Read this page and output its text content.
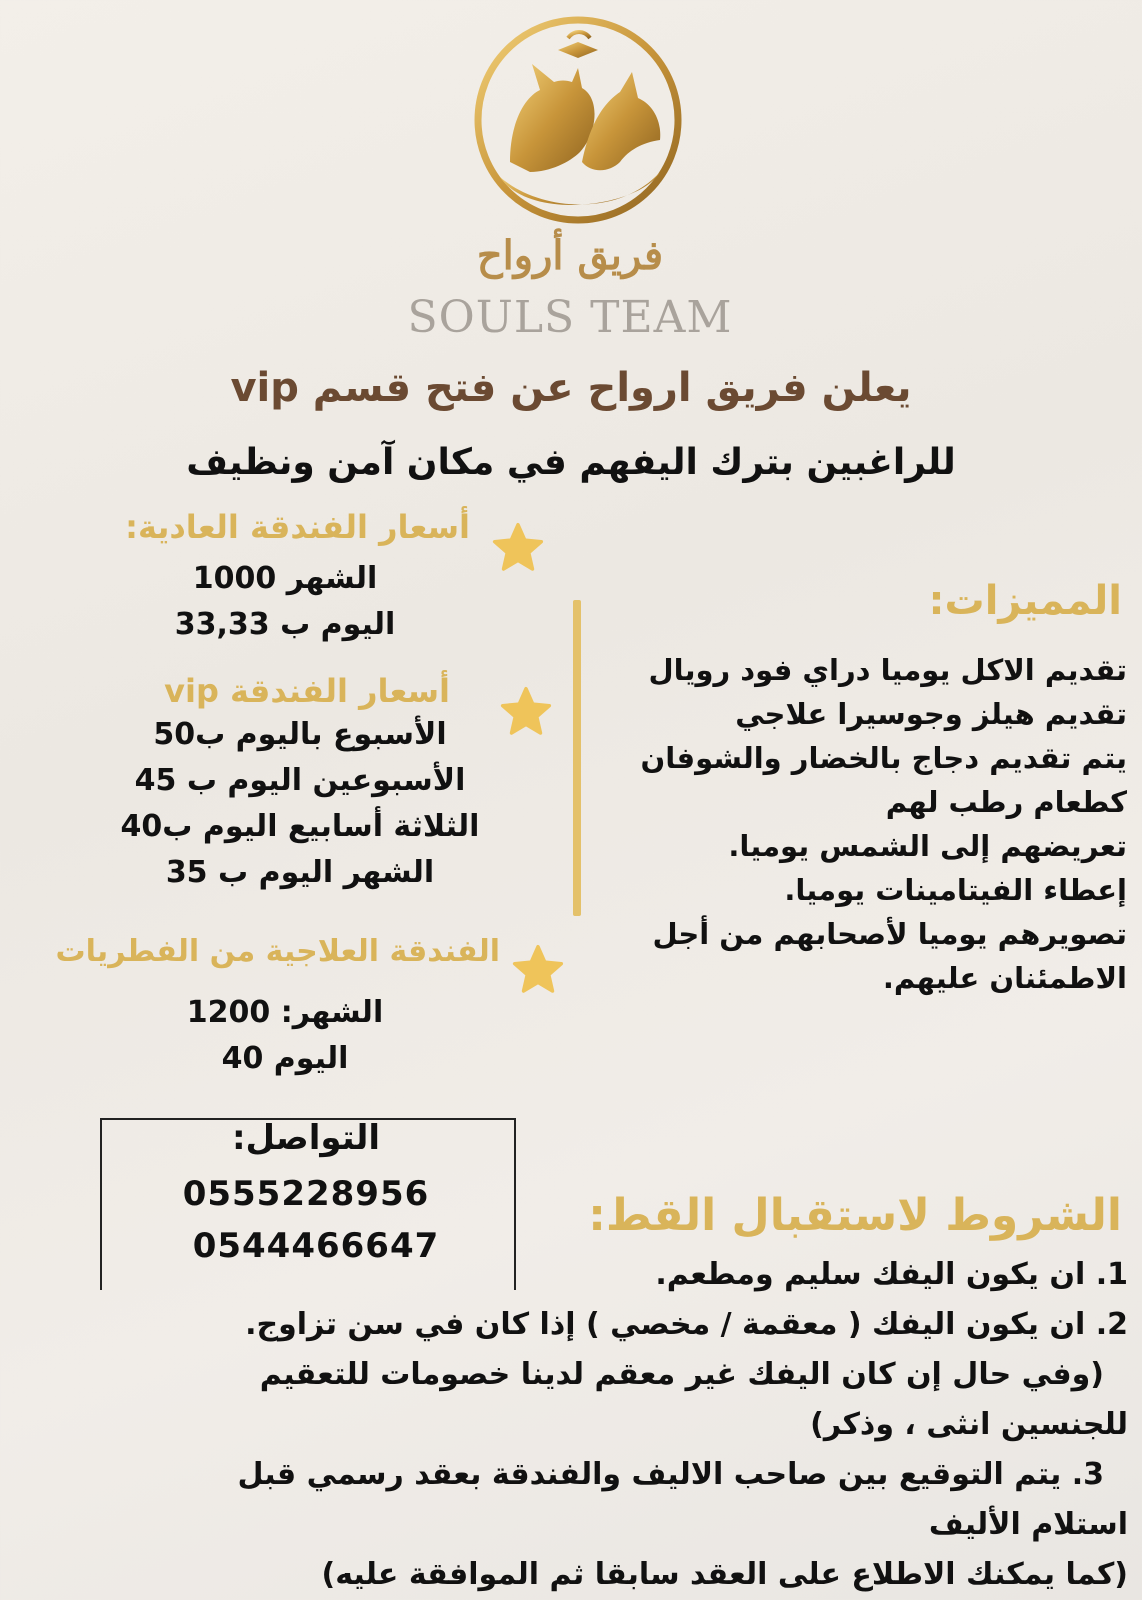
فريق أرواح
SOULS TEAM
يعلن فريق ارواح عن فتح قسم vip
للراغبين بترك اليفهم في مكان آمن ونظيف
أسعار الفندقة العادية:
الشهر 1000
اليوم ب 33,33
أسعار الفندقة vip
الأسبوع باليوم ب50
الأسبوعين اليوم ب 45
الثلاثة أسابيع اليوم ب40
الشهر اليوم ب 35
الفندقة العلاجية من الفطريات
الشهر: 1200
اليوم 40
المميزات:
• تقديم الاكل يوميا دراي فود رويال
• تقديم هيلز وجوسيرا علاجي
• يتم تقديم دجاج بالخضار والشوفان كطعام رطب لهم
• تعريضهم إلى الشمس يوميا.
• إعطاء الفيتامينات يوميا.
• تصويرهم يوميا لأصحابهم من أجل الاطمئنان عليهم.
التواصل:
0555228956
0544466647
الشروط لاستقبال القط:
1. ان يكون اليفك سليم ومطعم.
2. ان يكون اليفك ( معقمة / مخصي ) إذا كان في سن تزاوج.
(وفي حال إن كان اليفك غير معقم لدينا خصومات للتعقيم
للجنسين انثى ، وذكر)
3. يتم التوقيع بين صاحب الاليف والفندقة بعقد رسمي قبل
استلام الأليف
(كما يمكنك الاطلاع على العقد سابقا ثم الموافقة عليه)
